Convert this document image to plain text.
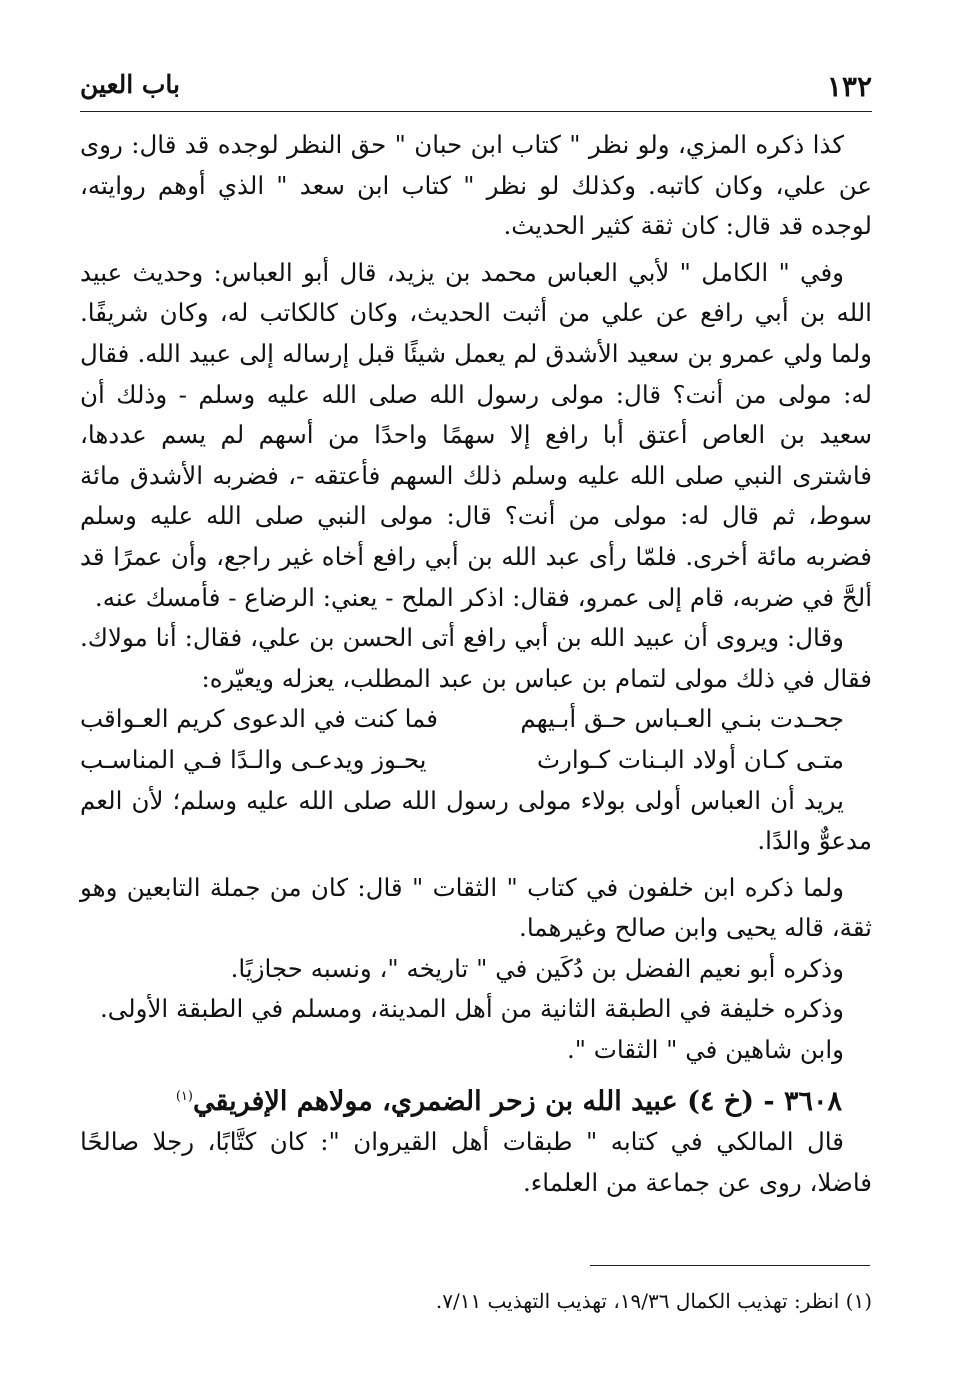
١٣٢
باب العين

كذا ذكره المزي، ولو نظر " كتاب ابن حبان " حق النظر لوجده قد قال: روى عن علي، وكان كاتبه. وكذلك لو نظر " كتاب ابن سعد " الذي أوهم روايته، لوجده قد قال: كان ثقة كثير الحديث.

وفي " الكامل " لأبي العباس محمد بن يزيد، قال أبو العباس: وحديث عبيد الله بن أبي رافع عن علي من أثبت الحديث، وكان كالكاتب له، وكان شريفًا. ولما ولي عمرو بن سعيد الأشدق لم يعمل شيئًا قبل إرساله إلى عبيد الله. فقال له: مولى من أنت؟ قال: مولى رسول الله صلى الله عليه وسلم - وذلك أن سعيد بن العاص أعتق أبا رافع إلا سهمًا واحدًا من أسهم لم يسم عددها، فاشترى النبي صلى الله عليه وسلم ذلك السهم فأعتقه -، فضربه الأشدق مائة سوط، ثم قال له: مولى من أنت؟ قال: مولى النبي صلى الله عليه وسلم فضربه مائة أخرى. فلمّا رأى عبد الله بن أبي رافع أخاه غير راجع، وأن عمرًا قد ألحَّ في ضربه، قام إلى عمرو، فقال: اذكر الملح - يعني: الرضاع - فأمسك عنه.

وقال: ويروى أن عبيد الله بن أبي رافع أتى الحسن بن علي، فقال: أنا مولاك. فقال في ذلك مولى لتمام بن عباس بن عبد المطلب، يعزله ويعيّره:

جحـدت بنـي العـباس حـق أبـيهم
فما كنت في الدعوى كريم العـواقب
متـى كـان أولاد البـنات كـوارث
يحـوز ويدعـى والـدًا فـي المناسـب

يريد أن العباس أولى بولاء مولى رسول الله صلى الله عليه وسلم؛ لأن العم مدعوٌّ والدًا.

ولما ذكره ابن خلفون في كتاب " الثقات " قال: كان من جملة التابعين وهو ثقة، قاله يحيى وابن صالح وغيرهما.

وذكره أبو نعيم الفضل بن دُكَين في " تاريخه "، ونسبه حجازيًا.

وذكره خليفة في الطبقة الثانية من أهل المدينة، ومسلم في الطبقة الأولى.

وابن شاهين في " الثقات ".

٣٦٠٨ - (خ ٤) عبيد الله بن زحر الضمري، مولاهم الإفريقي$^{(١)}$

قال المالكي في كتابه " طبقات أهل القيروان ": كان كتَّابًا، رجلا صالحًا فاضلا، روى عن جماعة من العلماء.

(١) انظر: تهذيب الكمال ١٩/٣٦، تهذيب التهذيب ٧/١١.
